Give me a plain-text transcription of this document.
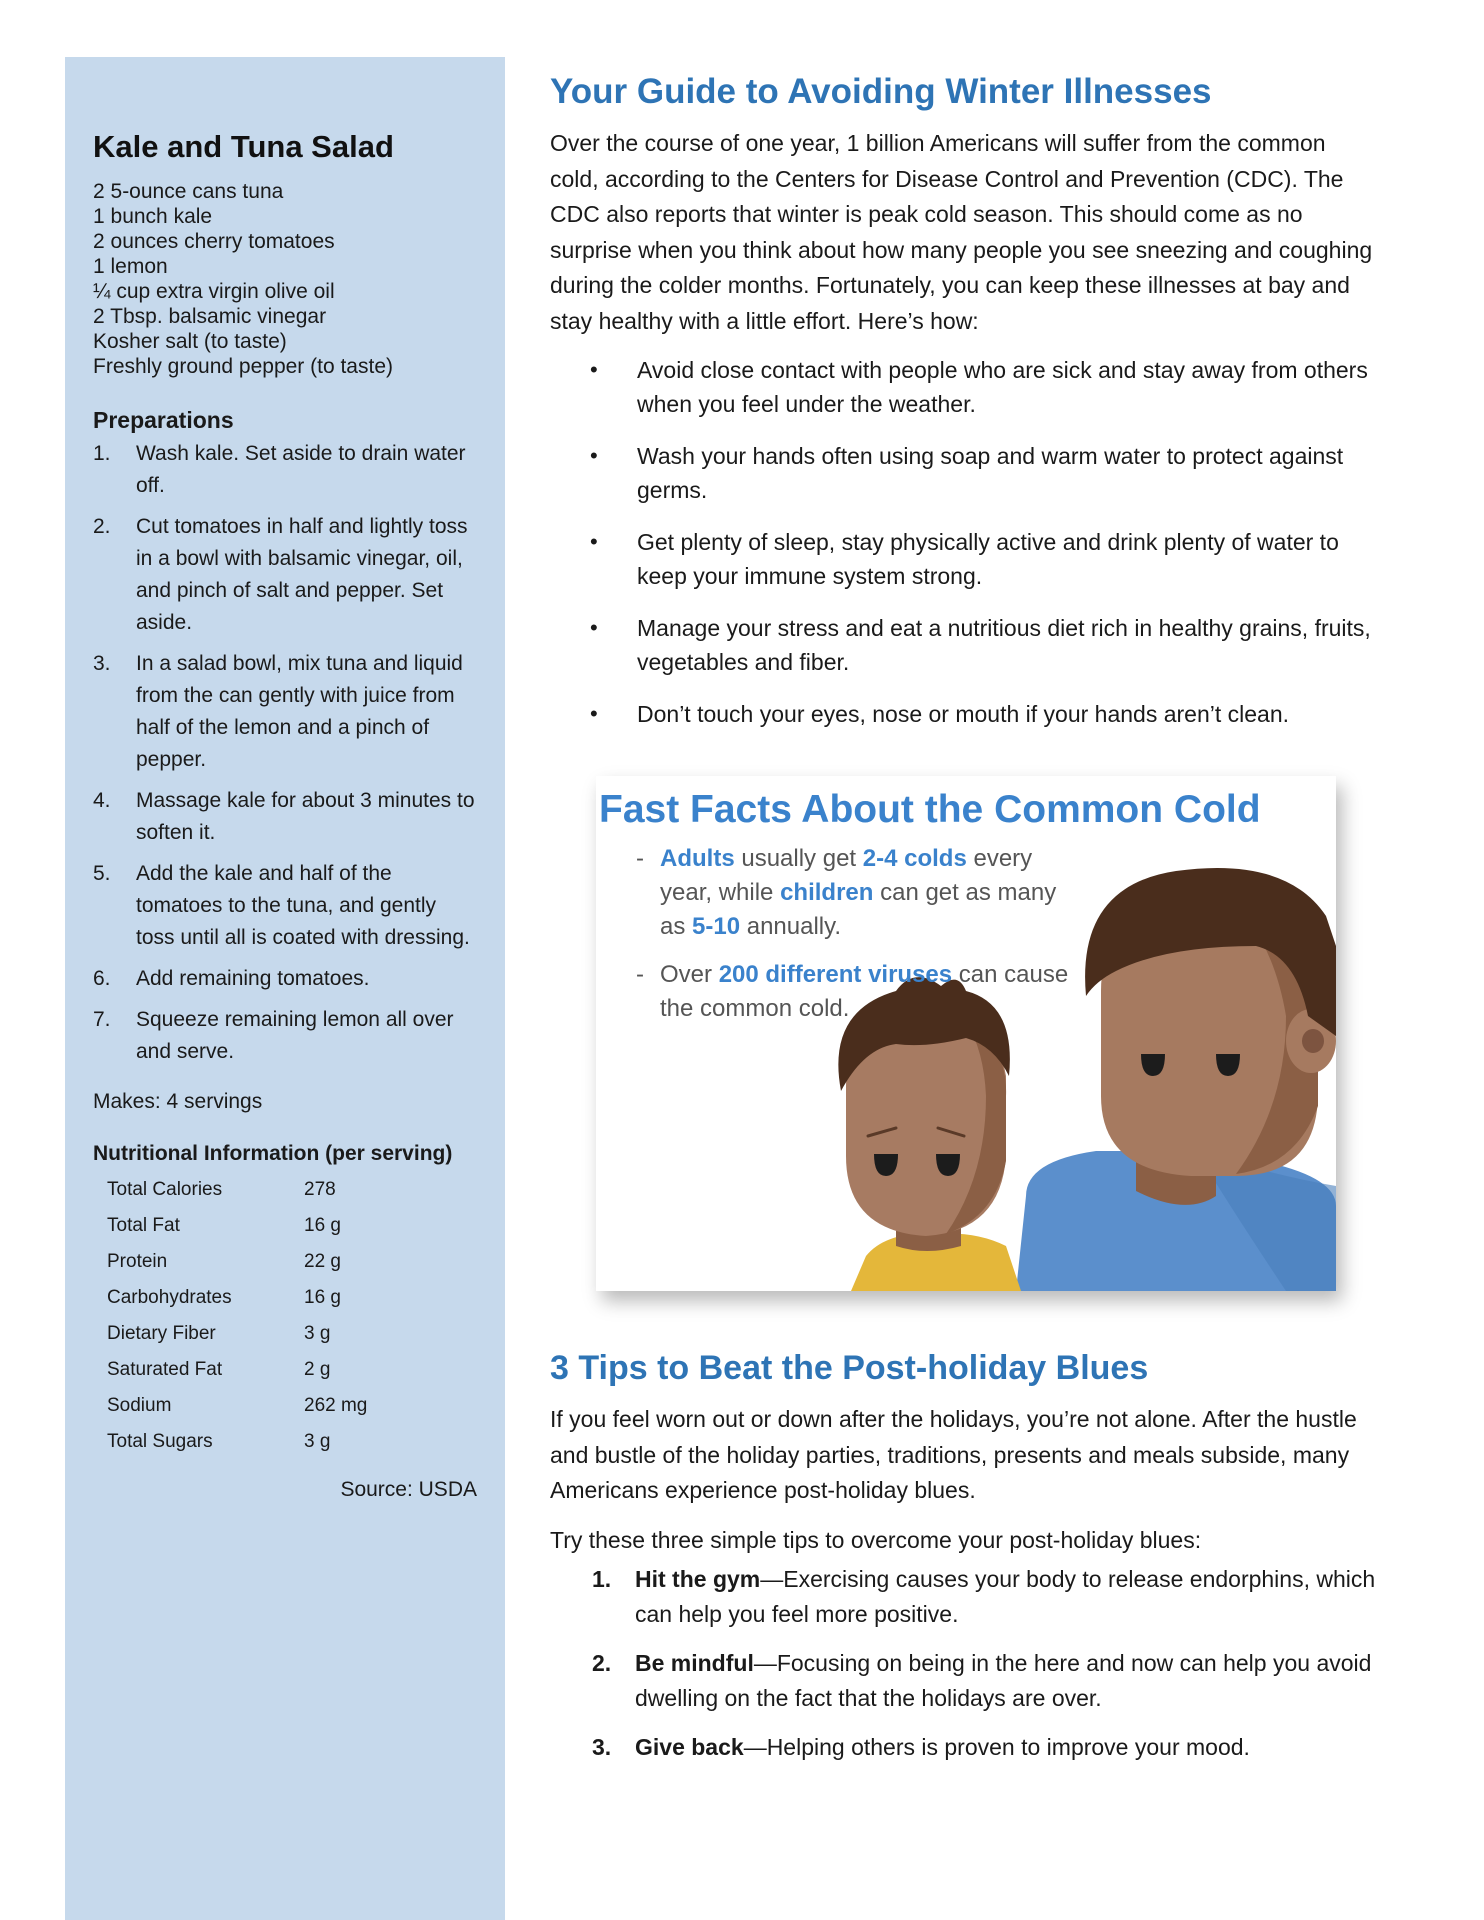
Kale and Tuna Salad
2 5-ounce cans tuna
1 bunch kale
2 ounces cherry tomatoes
1 lemon
¼ cup extra virgin olive oil
2 Tbsp. balsamic vinegar
Kosher salt (to taste)
Freshly ground pepper (to taste)
Preparations
1.	Wash kale. Set aside to drain water off.
2.	Cut tomatoes in half and lightly toss in a bowl with balsamic vinegar, oil, and pinch of salt and pepper. Set aside.
3.	In a salad bowl, mix tuna and liquid from the can gently with juice from half of the lemon and a pinch of pepper.
4.	Massage kale for about 3 minutes to soften it.
5.	Add the kale and half of the tomatoes to the tuna, and gently toss until all is coated with dressing.
6.	Add remaining tomatoes.
7.	Squeeze remaining lemon all over and serve.
Makes: 4 servings
Nutritional Information (per serving)
Total Calories	278
Total Fat	16 g
Protein	22 g
Carbohydrates	16 g
Dietary Fiber	3 g
Saturated Fat	2 g
Sodium	262 mg
Total Sugars	3 g
Source: USDA
Your Guide to Avoiding Winter Illnesses

Over the course of one year, 1 billion Americans will suffer from the common cold, according to the Centers for Disease Control and Prevention (CDC). The CDC also reports that winter is peak cold season. This should come as no surprise when you think about how many people you see sneezing and coughing during the colder months. Fortunately, you can keep these illnesses at bay and stay healthy with a little effort. Here’s how:

•	Avoid close contact with people who are sick and stay away from others when you feel under the weather.
•	Wash your hands often using soap and warm water to protect against germs.
•	Get plenty of sleep, stay physically active and drink plenty of water to keep your immune system strong.
•	Manage your stress and eat a nutritious diet rich in healthy grains, fruits, vegetables and fiber.
•	Don’t touch your eyes, nose or mouth if your hands aren’t clean.
Fast Facts About the Common Cold
- Adults usually get 2-4 colds every year, while children can get as many as 5-10 annually.
- Over 200 different viruses can cause the common cold.
3 Tips to Beat the Post-holiday Blues

If you feel worn out or down after the holidays, you’re not alone. After the hustle and bustle of the holiday parties, traditions, presents and meals subside, many Americans experience post-holiday blues.

Try these three simple tips to overcome your post-holiday blues:

1.	Hit the gym—Exercising causes your body to release endorphins, which can help you feel more positive.
2.	Be mindful—Focusing on being in the here and now can help you avoid dwelling on the fact that the holidays are over.
3.	Give back—Helping others is proven to improve your mood.
